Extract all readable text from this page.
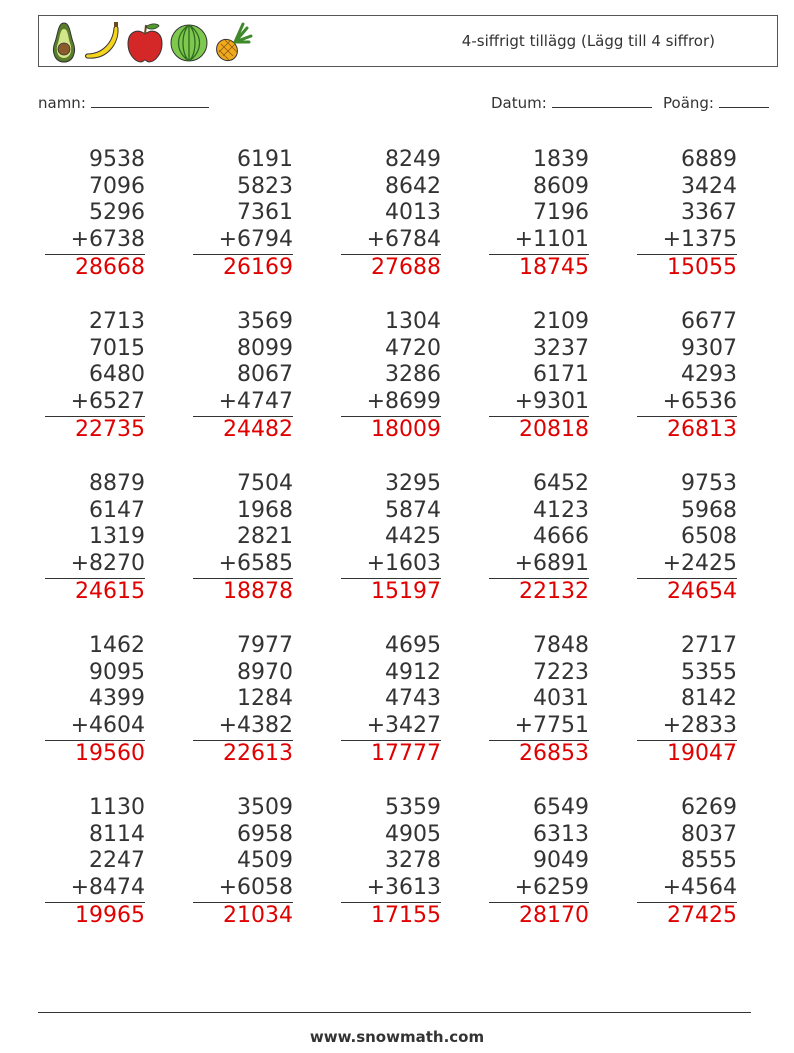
4-siffrigt tillägg (Lägg till 4 siffror)
namn:	Datum:	Poäng:
9538
7096
5296
+6738
28668
6191
5823
7361
+6794
26169
8249
8642
4013
+6784
27688
1839
8609
7196
+1101
18745
6889
3424
3367
+1375
15055
2713
7015
6480
+6527
22735
3569
8099
8067
+4747
24482
1304
4720
3286
+8699
18009
2109
3237
6171
+9301
20818
6677
9307
4293
+6536
26813
8879
6147
1319
+8270
24615
7504
1968
2821
+6585
18878
3295
5874
4425
+1603
15197
6452
4123
4666
+6891
22132
9753
5968
6508
+2425
24654
1462
9095
4399
+4604
19560
7977
8970
1284
+4382
22613
4695
4912
4743
+3427
17777
7848
7223
4031
+7751
26853
2717
5355
8142
+2833
19047
1130
8114
2247
+8474
19965
3509
6958
4509
+6058
21034
5359
4905
3278
+3613
17155
6549
6313
9049
+6259
28170
6269
8037
8555
+4564
27425
www.snowmath.com
